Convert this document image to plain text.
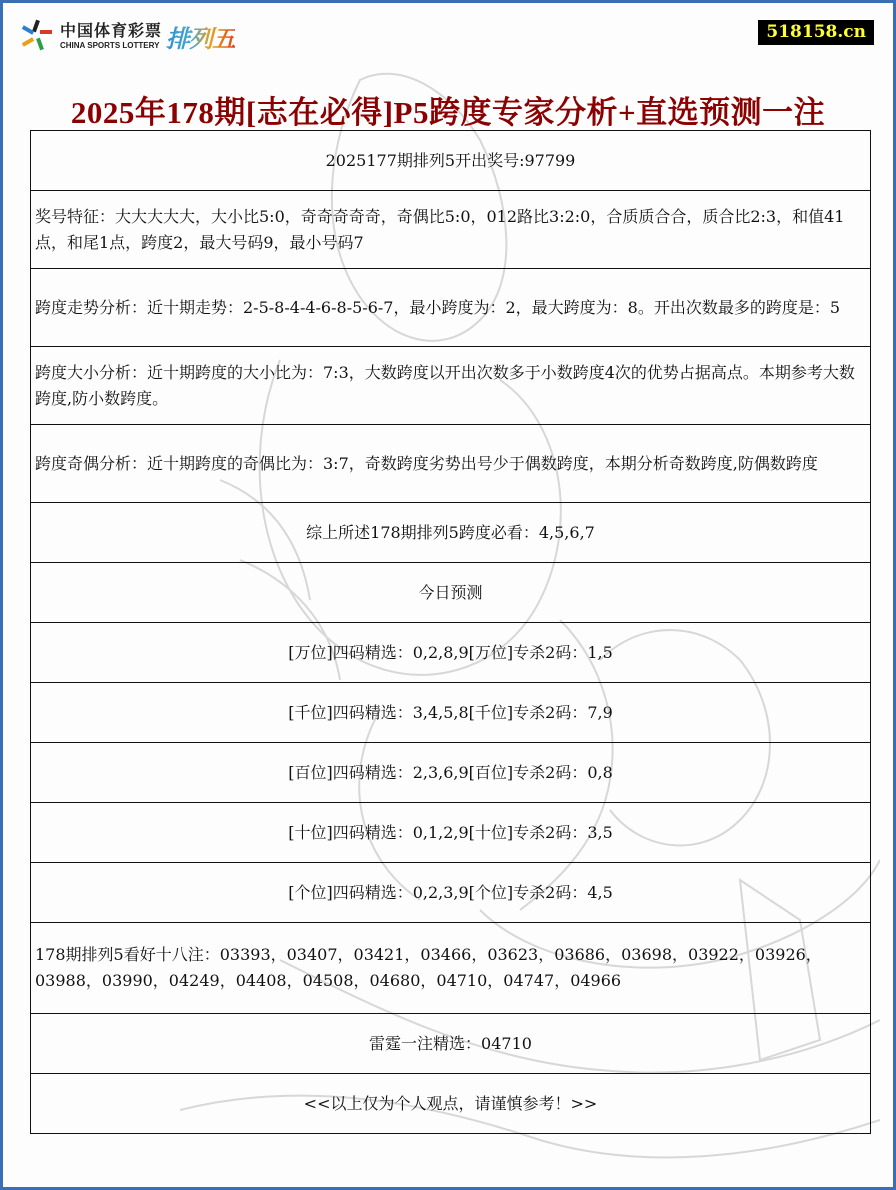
中国体育彩票
CHINA SPORTS LOTTERY 排列五	518158.cn
2025年178期[志在必得]P5跨度专家分析+直选预测一注
2025177期排列5开出奖号:97799
奖号特征：大大大大大，大小比5:0，奇奇奇奇奇，奇偶比5:0，012路比3:2:0，合质质合合，质合比2:3，和值41点，和尾1点，跨度2，最大号码9，最小号码7
跨度走势分析：近十期走势：2-5-8-4-4-6-8-5-6-7，最小跨度为：2，最大跨度为：8。开出次数最多的跨度是：5
跨度大小分析：近十期跨度的大小比为：7:3，大数跨度以开出次数多于小数跨度4次的优势占据高点。本期参考大数跨度,防小数跨度。
跨度奇偶分析：近十期跨度的奇偶比为：3:7，奇数跨度劣势出号少于偶数跨度，本期分析奇数跨度,防偶数跨度
综上所述178期排列5跨度必看：4,5,6,7
今日预测
[万位]四码精选：0,2,8,9[万位]专杀2码：1,5
[千位]四码精选：3,4,5,8[千位]专杀2码：7,9
[百位]四码精选：2,3,6,9[百位]专杀2码：0,8
[十位]四码精选：0,1,2,9[十位]专杀2码：3,5
[个位]四码精选：0,2,3,9[个位]专杀2码：4,5
178期排列5看好十八注：03393，03407，03421，03466，03623，03686，03698，03922，03926，03988，03990，04249，04408，04508，04680，04710，04747，04966
雷霆一注精选：04710
<<以上仅为个人观点，请谨慎参考！>>
